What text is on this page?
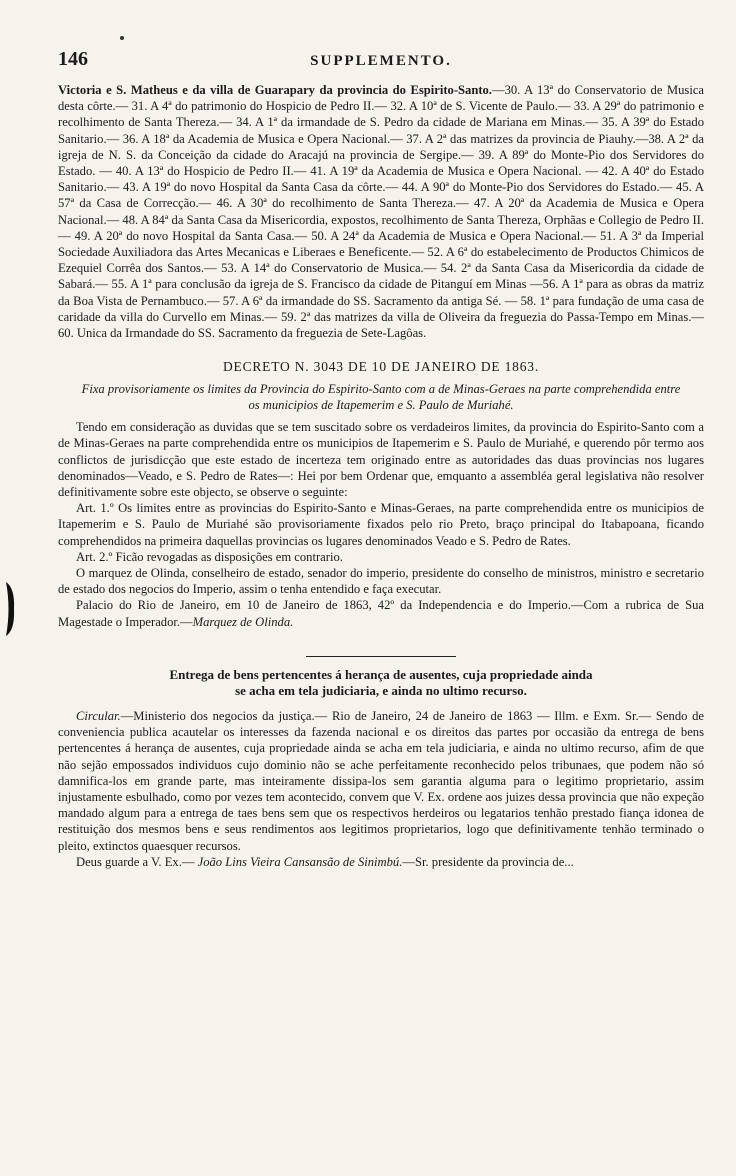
146	SUPPLEMENTO.

Victoria e S. Matheus e da villa de Guarapary da provincia do Espirito-Santo.—30. A 13ª do Conservatorio de Musica desta côrte.— 31. A 4ª do patrimonio do Hospicio de Pedro II.— 32. A 10ª de S. Vicente de Paulo.— 33. A 29ª do patrimonio e recolhimento de Santa Thereza.— 34. A 1ª da irmandade de S. Pedro da cidade de Mariana em Minas.— 35. A 39ª do Estado Sanitario.— 36. A 18ª da Academia de Musica e Opera Nacional.— 37. A 2ª das matrizes da provincia de Piauhy.—38. A 2ª da igreja de N. S. da Conceição da cidade do Aracajú na provincia de Sergipe.— 39. A 89ª do Monte-Pio dos Servidores do Estado. — 40. A 13ª do Hospicio de Pedro II.— 41. A 19ª da Academia de Musica e Opera Nacional. — 42. A 40ª do Estado Sanitario.— 43. A 19ª do novo Hospital da Santa Casa da côrte.— 44. A 90ª do Monte-Pio dos Servidores do Estado.— 45. A 57ª da Casa de Correcção.— 46. A 30ª do recolhimento de Santa Thereza.— 47. A 20ª da Academia de Musica e Opera Nacional.— 48. A 84ª da Santa Casa da Misericordia, expostos, recolhimento de Santa Thereza, Orphãas e Collegio de Pedro II.— 49. A 20ª do novo Hospital da Santa Casa.— 50. A 24ª da Academia de Musica e Opera Nacional.— 51. A 3ª da Imperial Sociedade Auxiliadora das Artes Mecanicas e Liberaes e Beneficente.— 52. A 6ª do estabelecimento de Productos Chimicos de Ezequiel Corrêa dos Santos.— 53. A 14ª do Conservatorio de Musica.— 54. 2ª da Santa Casa da Misericordia da cidade de Sabará.— 55. A 1ª para conclusão da igreja de S. Francisco da cidade de Pitanguí em Minas —56. A 1ª para as obras da matriz da Boa Vista de Pernambuco.— 57. A 6ª da irmandade do SS. Sacramento da antiga Sé. — 58. 1ª para fundação de uma casa de caridade da villa do Curvello em Minas.— 59. 2ª das matrizes da villa de Oliveira da freguezia do Passa-Tempo em Minas.— 60. Unica da Irmandade do SS. Sacramento da freguezia de Sete-Lagôas.

DECRETO N. 3043 DE 10 DE JANEIRO DE 1863.

Fixa provisoriamente os limites da Provincia do Espirito-Santo com a de Minas-Geraes na parte comprehendida entre os municipios de Itapemerim e S. Paulo de Muriahé.

Tendo em consideração as duvidas que se tem suscitado sobre os verdadeiros limites, da provincia do Espirito-Santo com a de Minas-Geraes na parte comprehendida entre os municipios de Itapemerim e S. Paulo de Muriahé, e querendo pôr termo aos conflictos de jurisdicção que este estado de incerteza tem originado entre as autoridades das duas provincias nos lugares denominados—Veado, e S. Pedro de Rates—: Hei por bem Ordenar que, emquanto a assembléa geral legislativa não resolver definitivamente sobre este objecto, se observe o seguinte:

Art. 1.º Os limites entre as provincias do Espirito-Santo e Minas-Geraes, na parte comprehendida entre os municipios de Itapemerim e S. Paulo de Muriahé são provisoriamente fixados pelo rio Preto, braço principal do Itabapoana, ficando comprehendidos na primeira daquellas provincias os lugares denominados Veado e S. Pedro de Rates.

Art. 2.º Ficão revogadas as disposições em contrario.

O marquez de Olinda, conselheiro de estado, senador do imperio, presidente do conselho de ministros, ministro e secretario de estado dos negocios do Imperio, assim o tenha entendido e faça executar.

Palacio do Rio de Janeiro, em 10 de Janeiro de 1863, 42º da Independencia e do Imperio.—Com a rubrica de Sua Magestade o Imperador.—Marquez de Olinda.

Entrega de bens pertencentes á herança de ausentes, cuja propriedade ainda
se acha em tela judiciaria, e ainda no ultimo recurso.

Circular.—Ministerio dos negocios da justiça.— Rio de Janeiro, 24 de Janeiro de 1863 — Illm. e Exm. Sr.— Sendo de conveniencia publica acautelar os interesses da fazenda nacional e os direitos das partes por occasião da entrega de bens pertencentes á herança de ausentes, cuja propriedade ainda se acha em tela judiciaria, e ainda no ultimo recurso, afim de que não sejão empossados individuos cujo dominio não se ache perfeitamente reconhecido pelos tribunaes, que podem não só damnifica-los em grande parte, mas inteiramente dissipa-los sem garantia alguma para o legitimo proprietario, assim injustamente esbulhado, como por vezes tem acontecido, convem que V. Ex. ordene aos juizes dessa provincia que não expeção mandado algum para a entrega de taes bens sem que os respectivos herdeiros ou legatarios tenhão prestado fiança idonea de restituição dos mesmos bens e seus rendimentos aos legitimos proprietarios, logo que definitivamente tenhão terminado o pleito, extinctos quaesquer recursos.

Deus guarde a V. Ex.— João Lins Vieira Cansansão de Sinimbú.—Sr. presidente da provincia de...
